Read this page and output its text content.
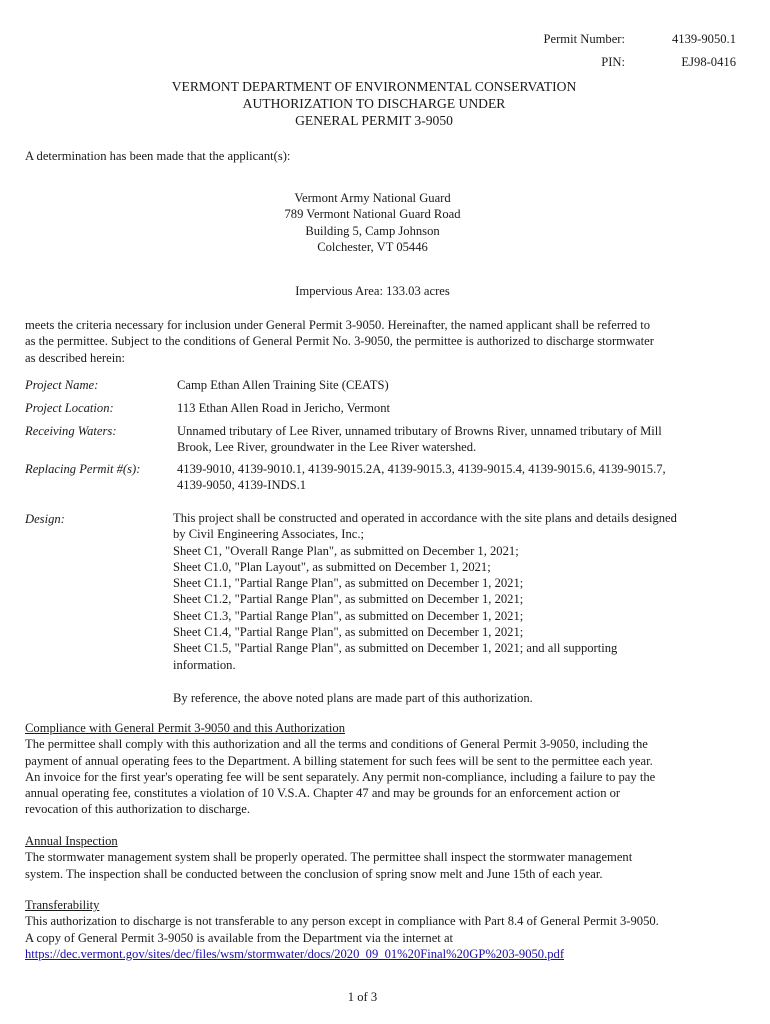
Permit Number:	4139-9050.1
PIN:	EJ98-0416
VERMONT DEPARTMENT OF ENVIRONMENTAL CONSERVATION
AUTHORIZATION TO DISCHARGE UNDER
GENERAL PERMIT 3-9050
A determination has been made that the applicant(s):
Vermont Army National Guard
789 Vermont National Guard Road
Building 5, Camp Johnson
Colchester, VT 05446
Impervious Area: 133.03 acres
meets the criteria necessary for inclusion under General Permit 3-9050. Hereinafter, the named applicant shall be referred to
as the permittee. Subject to the conditions of General Permit No. 3-9050, the permittee is authorized to discharge stormwater
as described herein:
Project Name:	Camp Ethan Allen Training Site (CEATS)
Project Location:	113 Ethan Allen Road in Jericho, Vermont
Receiving Waters:	Unnamed tributary of Lee River, unnamed tributary of Browns River, unnamed tributary of Mill
Brook, Lee River, groundwater in the Lee River watershed.
Replacing Permit #(s):	4139-9010, 4139-9010.1, 4139-9015.2A, 4139-9015.3, 4139-9015.4, 4139-9015.6, 4139-9015.7,
4139-9050, 4139-INDS.1
Design:	This project shall be constructed and operated in accordance with the site plans and details designed
by Civil Engineering Associates, Inc.;
Sheet C1, "Overall Range Plan", as submitted on December 1, 2021;
Sheet C1.0, "Plan Layout", as submitted on December 1, 2021;
Sheet C1.1, "Partial Range Plan", as submitted on December 1, 2021;
Sheet C1.2, "Partial Range Plan", as submitted on December 1, 2021;
Sheet C1.3, "Partial Range Plan", as submitted on December 1, 2021;
Sheet C1.4, "Partial Range Plan", as submitted on December 1, 2021;
Sheet C1.5, "Partial Range Plan", as submitted on December 1, 2021; and all supporting
information.
By reference, the above noted plans are made part of this authorization.
Compliance with General Permit 3-9050 and this Authorization
The permittee shall comply with this authorization and all the terms and conditions of General Permit 3-9050, including the
payment of annual operating fees to the Department. A billing statement for such fees will be sent to the permittee each year.
An invoice for the first year's operating fee will be sent separately. Any permit non-compliance, including a failure to pay the
annual operating fee, constitutes a violation of 10 V.S.A. Chapter 47 and may be grounds for an enforcement action or
revocation of this authorization to discharge.
Annual Inspection
The stormwater management system shall be properly operated. The permittee shall inspect the stormwater management
system. The inspection shall be conducted between the conclusion of spring snow melt and June 15th of each year.
Transferability
This authorization to discharge is not transferable to any person except in compliance with Part 8.4 of General Permit 3-9050.
A copy of General Permit 3-9050 is available from the Department via the internet at
https://dec.vermont.gov/sites/dec/files/wsm/stormwater/docs/2020_09_01%20Final%20GP%203-9050.pdf
1 of 3
